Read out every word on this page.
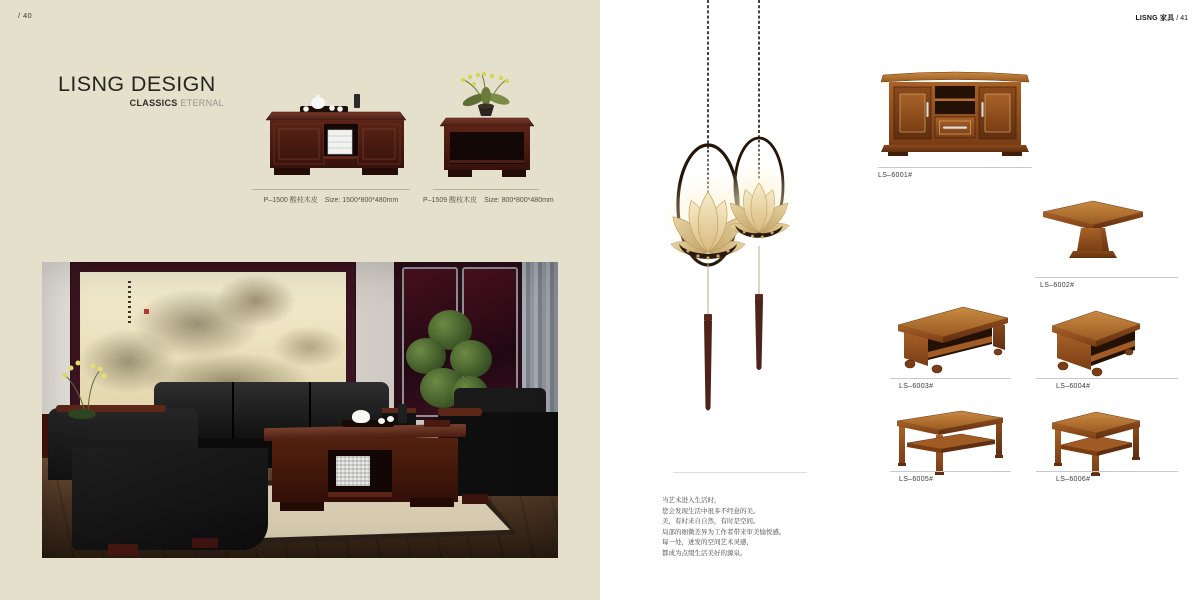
/ 40
LISNG DESIGN
CLASSICS ETERNAL
P–1500 酸枝木皮 Size: 1500*800*480mm	P–1509 酸枝木皮 Size: 800*800*480mm
LISNG 家具 / 41
当艺术进入生活时，
您会发现生活中很多不经意的美。
美，有时来自自然，有时是空间。
局部的细微差异为工作者带来审美愉悦感。
每一处，迸发的空间艺术灵感，
都成为点缀生活美好的源泉。
LS–6001#
LS–6002#
LS–6003#	LS–6004#
LS–6005#	LS–6006#
